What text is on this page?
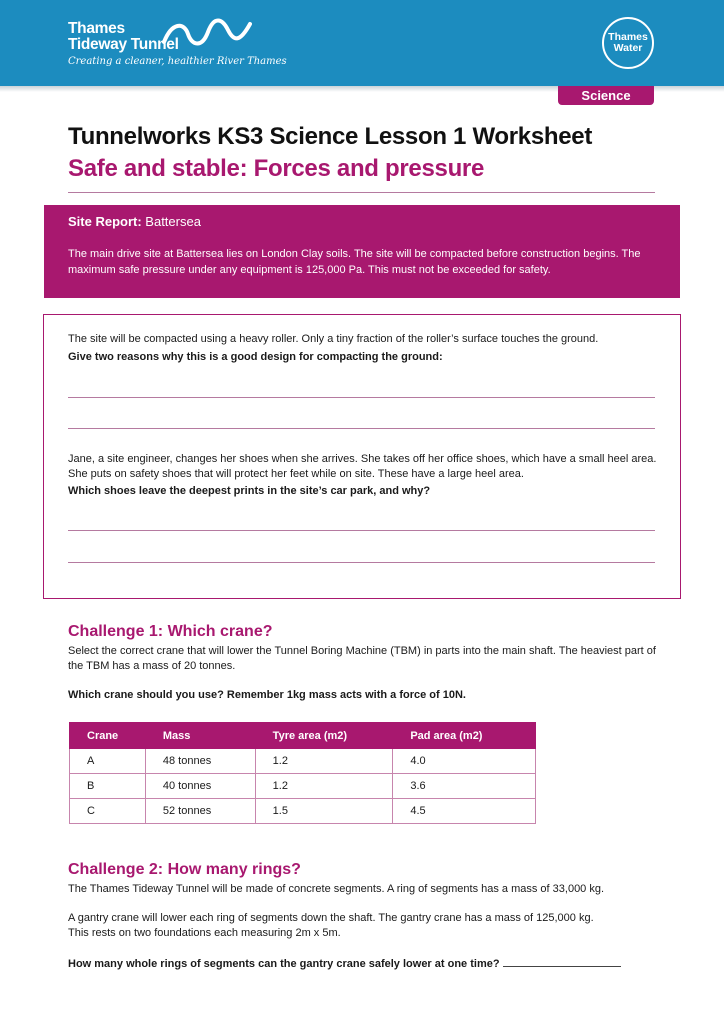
Thames
Tideway Tunnel
Creating a cleaner, healthier River Thames
Thames
Water
Science
Tunnelworks KS3 Science Lesson 1 Worksheet
Safe and stable: Forces and pressure
Site Report: Battersea

The main drive site at Battersea lies on London Clay soils. The site will be compacted before construction begins. The maximum safe pressure under any equipment is 125,000 Pa. This must not be exceeded for safety.

The site will be compacted using a heavy roller. Only a tiny fraction of the roller’s surface touches the ground.
Give two reasons why this is a good design for compacting the ground:
Jane, a site engineer, changes her shoes when she arrives. She takes off her office shoes, which have a small heel area. She puts on safety shoes that will protect her feet while on site. These have a large heel area.
Which shoes leave the deepest prints in the site’s car park, and why?
Challenge 1: Which crane?
Select the correct crane that will lower the Tunnel Boring Machine (TBM) in parts into the main shaft. The heaviest part of the TBM has a mass of 20 tonnes.
Which crane should you use? Remember 1kg mass acts with a force of 10N.
Crane	Mass	Tyre area (m2)	Pad area (m2)
A	48 tonnes	1.2	4.0
B	40 tonnes	1.2	3.6
C	52 tonnes	1.5	4.5
Challenge 2: How many rings?
The Thames Tideway Tunnel will be made of concrete segments. A ring of segments has a mass of 33,000 kg.
A gantry crane will lower each ring of segments down the shaft. The gantry crane has a mass of 125,000 kg.
This rests on two foundations each measuring 2m x 5m.
How many whole rings of segments can the gantry crane safely lower at one time?
